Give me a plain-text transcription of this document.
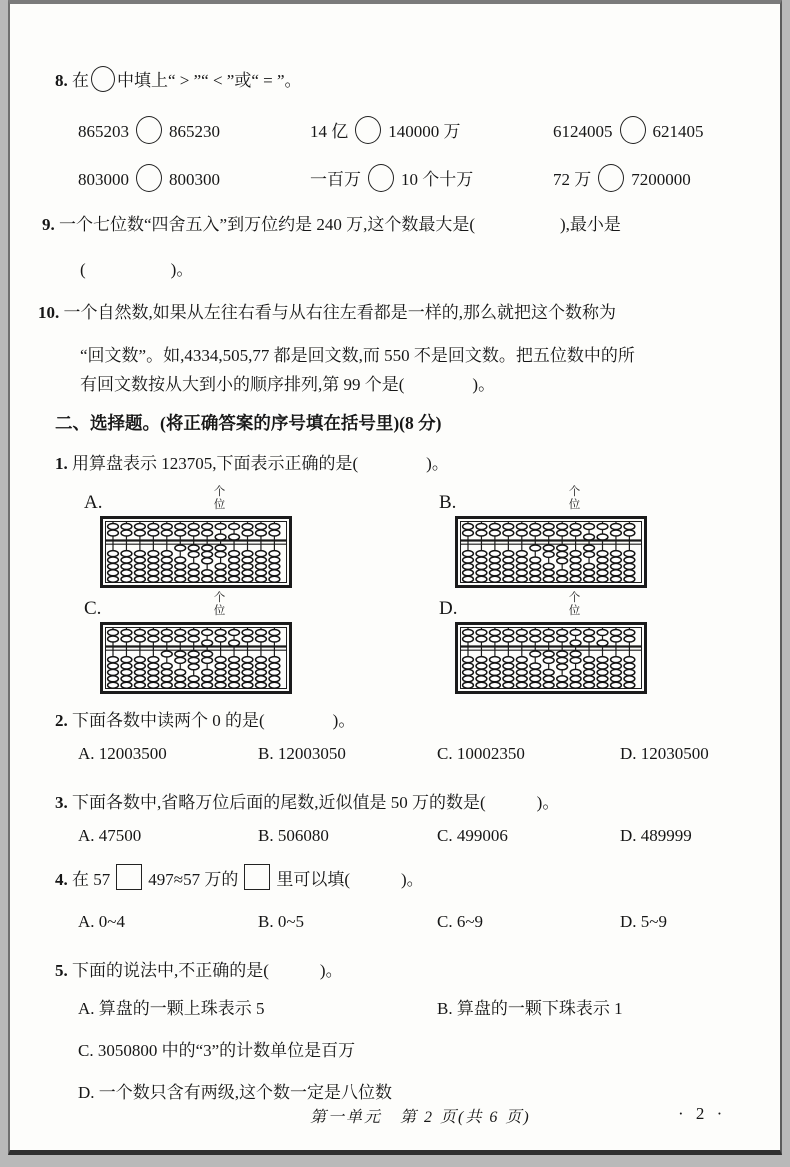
8. 在 中填上“ > ”“ < ”或“ = ”。
865203 865230	14 亿 140000 万	6124005 621405
803000 800300	一百万 10 个十万	72 万 7200000
9. 一个七位数“四舍五入”到万位约是 240 万,这个数最大是(　　　　　),最小是
(　　　　　)。
10. 一个自然数,如果从左往右看与从右往左看都是一样的,那么就把这个数称为
“回文数”。如,4334,505,77 都是回文数,而 550 不是回文数。把五位数中的所
有回文数按从大到小的顺序排列,第 99 个是(　　　　)。
二、选择题。(将正确答案的序号填在括号里)(8 分)
1. 用算盘表示 123705,下面表示正确的是(　　　　)。
A.	个位	B.	个位
C.	个位	D.	个位
2. 下面各数中读两个 0 的是(　　　　)。
A. 12003500	B. 12003050	C. 10002350	D. 12030500
3. 下面各数中,省略万位后面的尾数,近似值是 50 万的数是(　　　)。
A. 47500	B. 506080	C. 499006	D. 489999
4. 在 57 497≈57 万的 里可以填(　　　)。
A. 0~4	B. 0~5	C. 6~9	D. 5~9
5. 下面的说法中,不正确的是(　　　)。
A. 算盘的一颗上珠表示 5	B. 算盘的一颗下珠表示 1
C. 3050800 中的“3”的计数单位是百万
D. 一个数只含有两级,这个数一定是八位数
第一单元　第 2 页(共 6 页)	· 2 ·
